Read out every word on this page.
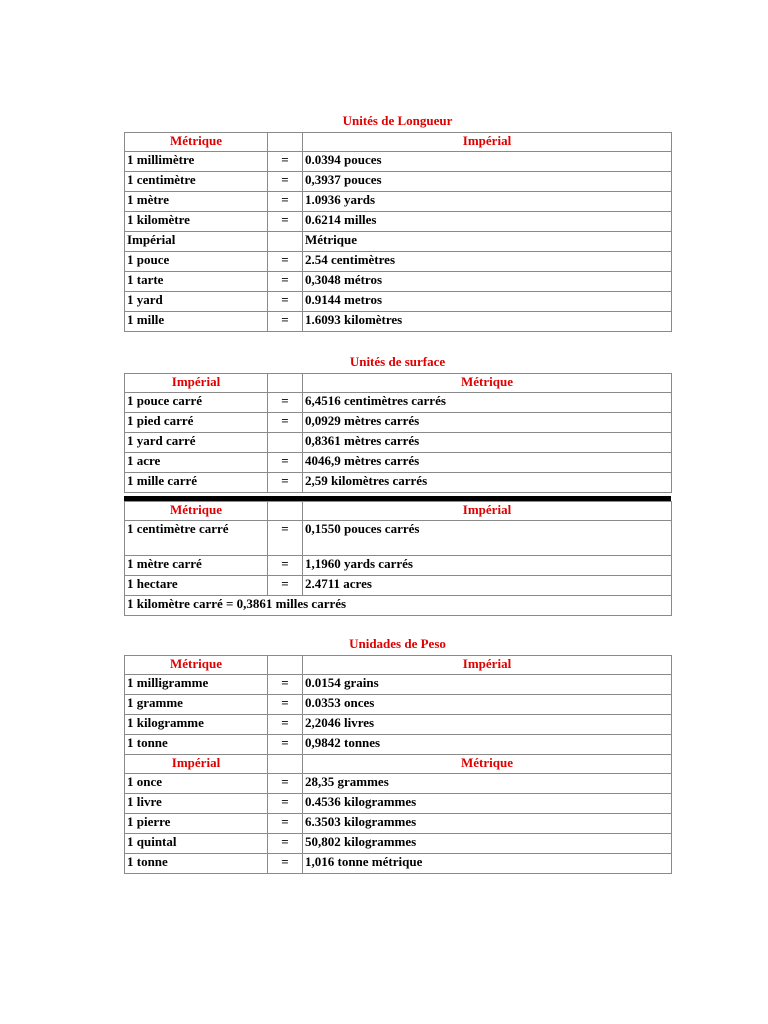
Unités de Longueur
Métrique		Impérial
1 millimètre	=	0.0394 pouces
1 centimètre	=	0,3937 pouces
1 mètre	=	1.0936 yards
1 kilomètre	=	0.6214 milles
Impérial		Métrique
1 pouce	=	2.54 centimètres
1 tarte	=	0,3048 métros
1 yard	=	0.9144 metros
1 mille	=	1.6093 kilomètres
Unités de surface
Impérial		Métrique
1 pouce carré	=	6,4516 centimètres carrés
1 pied carré	=	0,0929 mètres carrés
1 yard carré		0,8361 mètres carrés
1 acre	=	4046,9 mètres carrés
1 mille carré	=	2,59 kilomètres carrés
Métrique		Impérial
1 centimètre carré	=	0,1550 pouces carrés
1 mètre carré	=	1,1960 yards carrés
1 hectare	=	2.4711 acres
1 kilomètre carré = 0,3861 milles carrés		
Unidades de Peso
Métrique		Impérial
1 milligramme	=	0.0154 grains
1 gramme	=	0.0353 onces
1 kilogramme	=	2,2046 livres
1 tonne	=	0,9842 tonnes
Impérial		Métrique
1 once	=	28,35 grammes
1 livre	=	0.4536 kilogrammes
1 pierre	=	6.3503 kilogrammes
1 quintal	=	50,802 kilogrammes
1 tonne	=	1,016 tonne métrique
